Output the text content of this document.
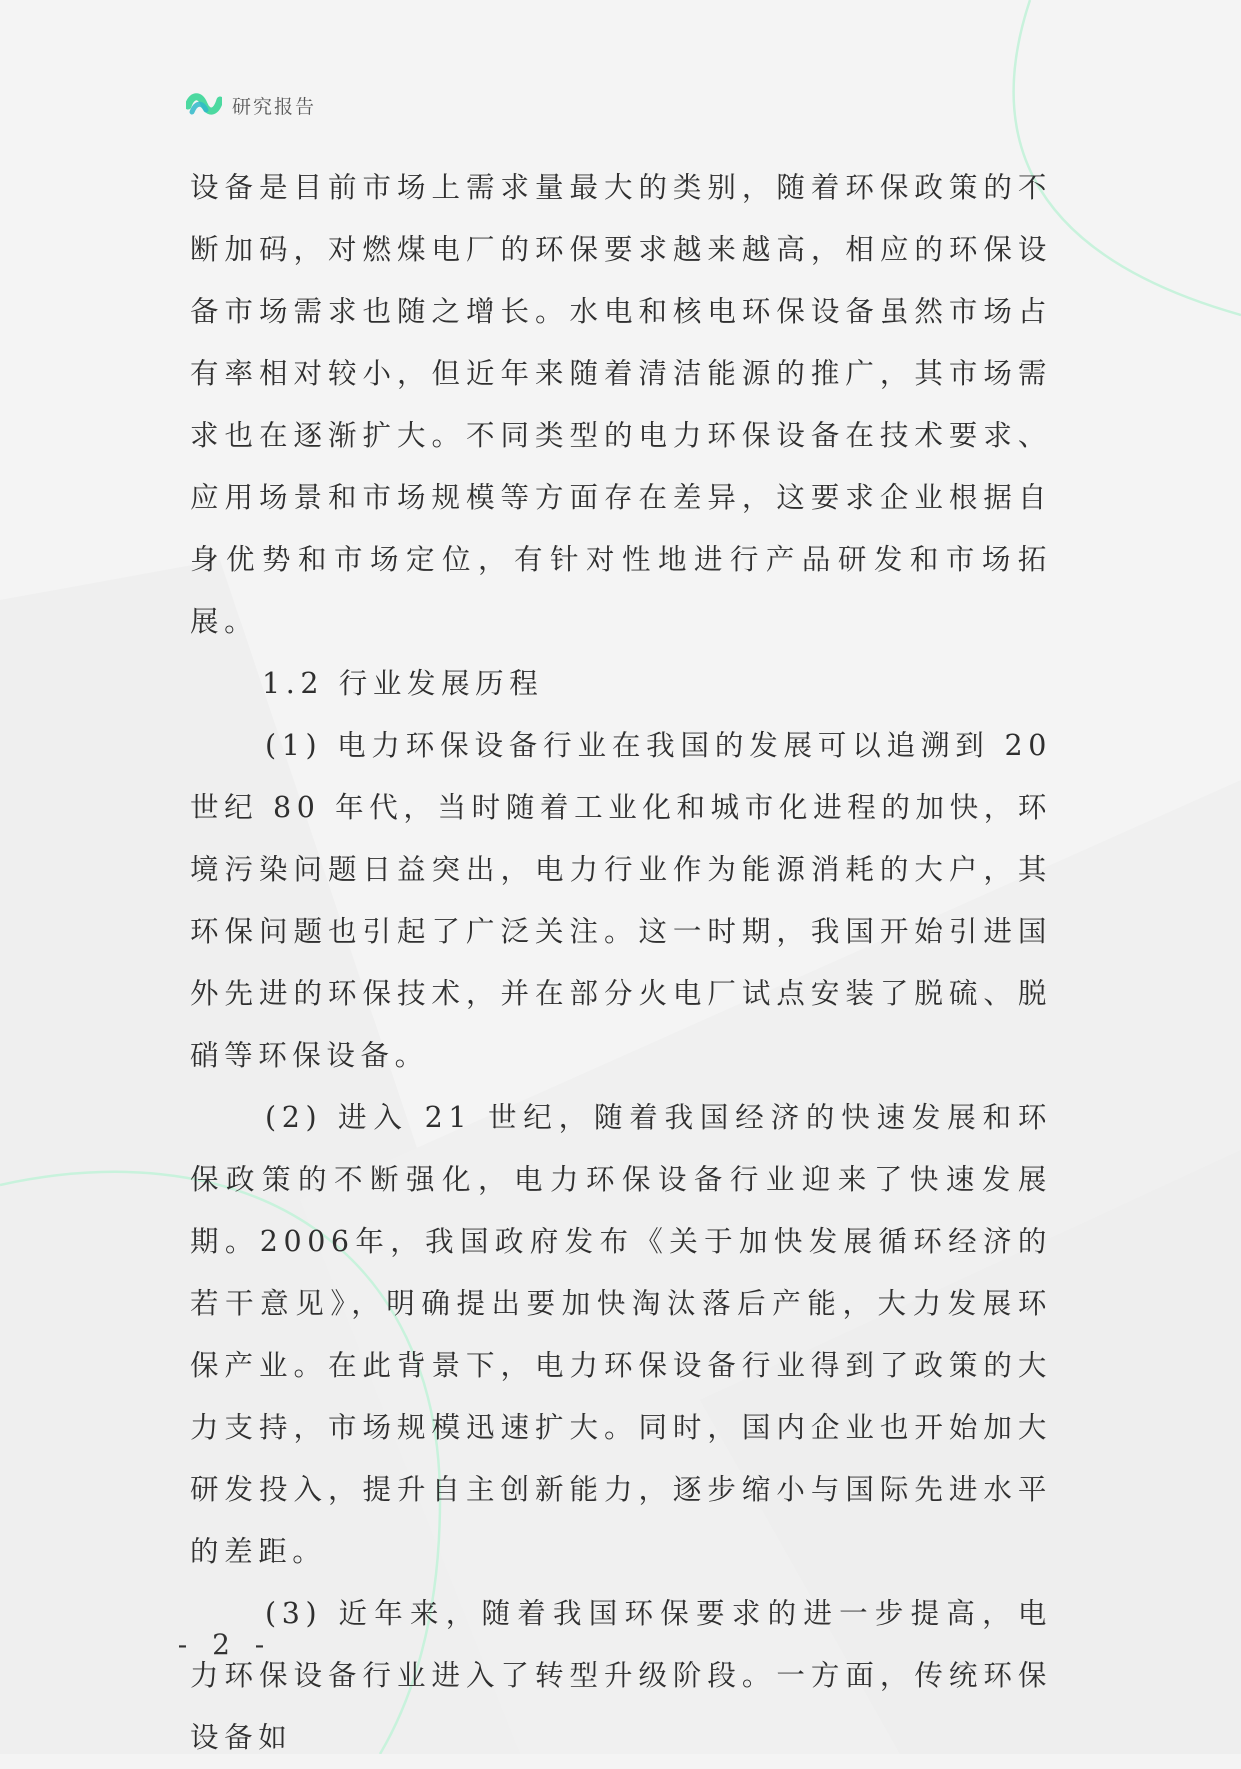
研究报告

设备是目前市场上需求量最大的类别，随着环保政策的不断加码，对燃煤电厂的环保要求越来越高，相应的环保设备市场需求也随之增长。水电和核电环保设备虽然市场占有率相对较小，但近年来随着清洁能源的推广，其市场需求也在逐渐扩大。不同类型的电力环保设备在技术要求、应用场景和市场规模等方面存在差异，这要求企业根据自身优势和市场定位，有针对性地进行产品研发和市场拓展。

1.2 行业发展历程

(1) 电力环保设备行业在我国的发展可以追溯到 20 世纪 80 年代，当时随着工业化和城市化进程的加快，环境污染问题日益突出，电力行业作为能源消耗的大户，其环保问题也引起了广泛关注。这一时期，我国开始引进国外先进的环保技术，并在部分火电厂试点安装了脱硫、脱硝等环保设备。

(2) 进入 21 世纪，随着我国经济的快速发展和环保政策的不断强化，电力环保设备行业迎来了快速发展期。2006年，我国政府发布《关于加快发展循环经济的若干意见》，明确提出要加快淘汰落后产能，大力发展环保产业。在此背景下，电力环保设备行业得到了政策的大力支持，市场规模迅速扩大。同时，国内企业也开始加大研发投入，提升自主创新能力，逐步缩小与国际先进水平的差距。

(3) 近年来，随着我国环保要求的进一步提高，电力环保设备行业进入了转型升级阶段。一方面，传统环保设备如

- 2 -
